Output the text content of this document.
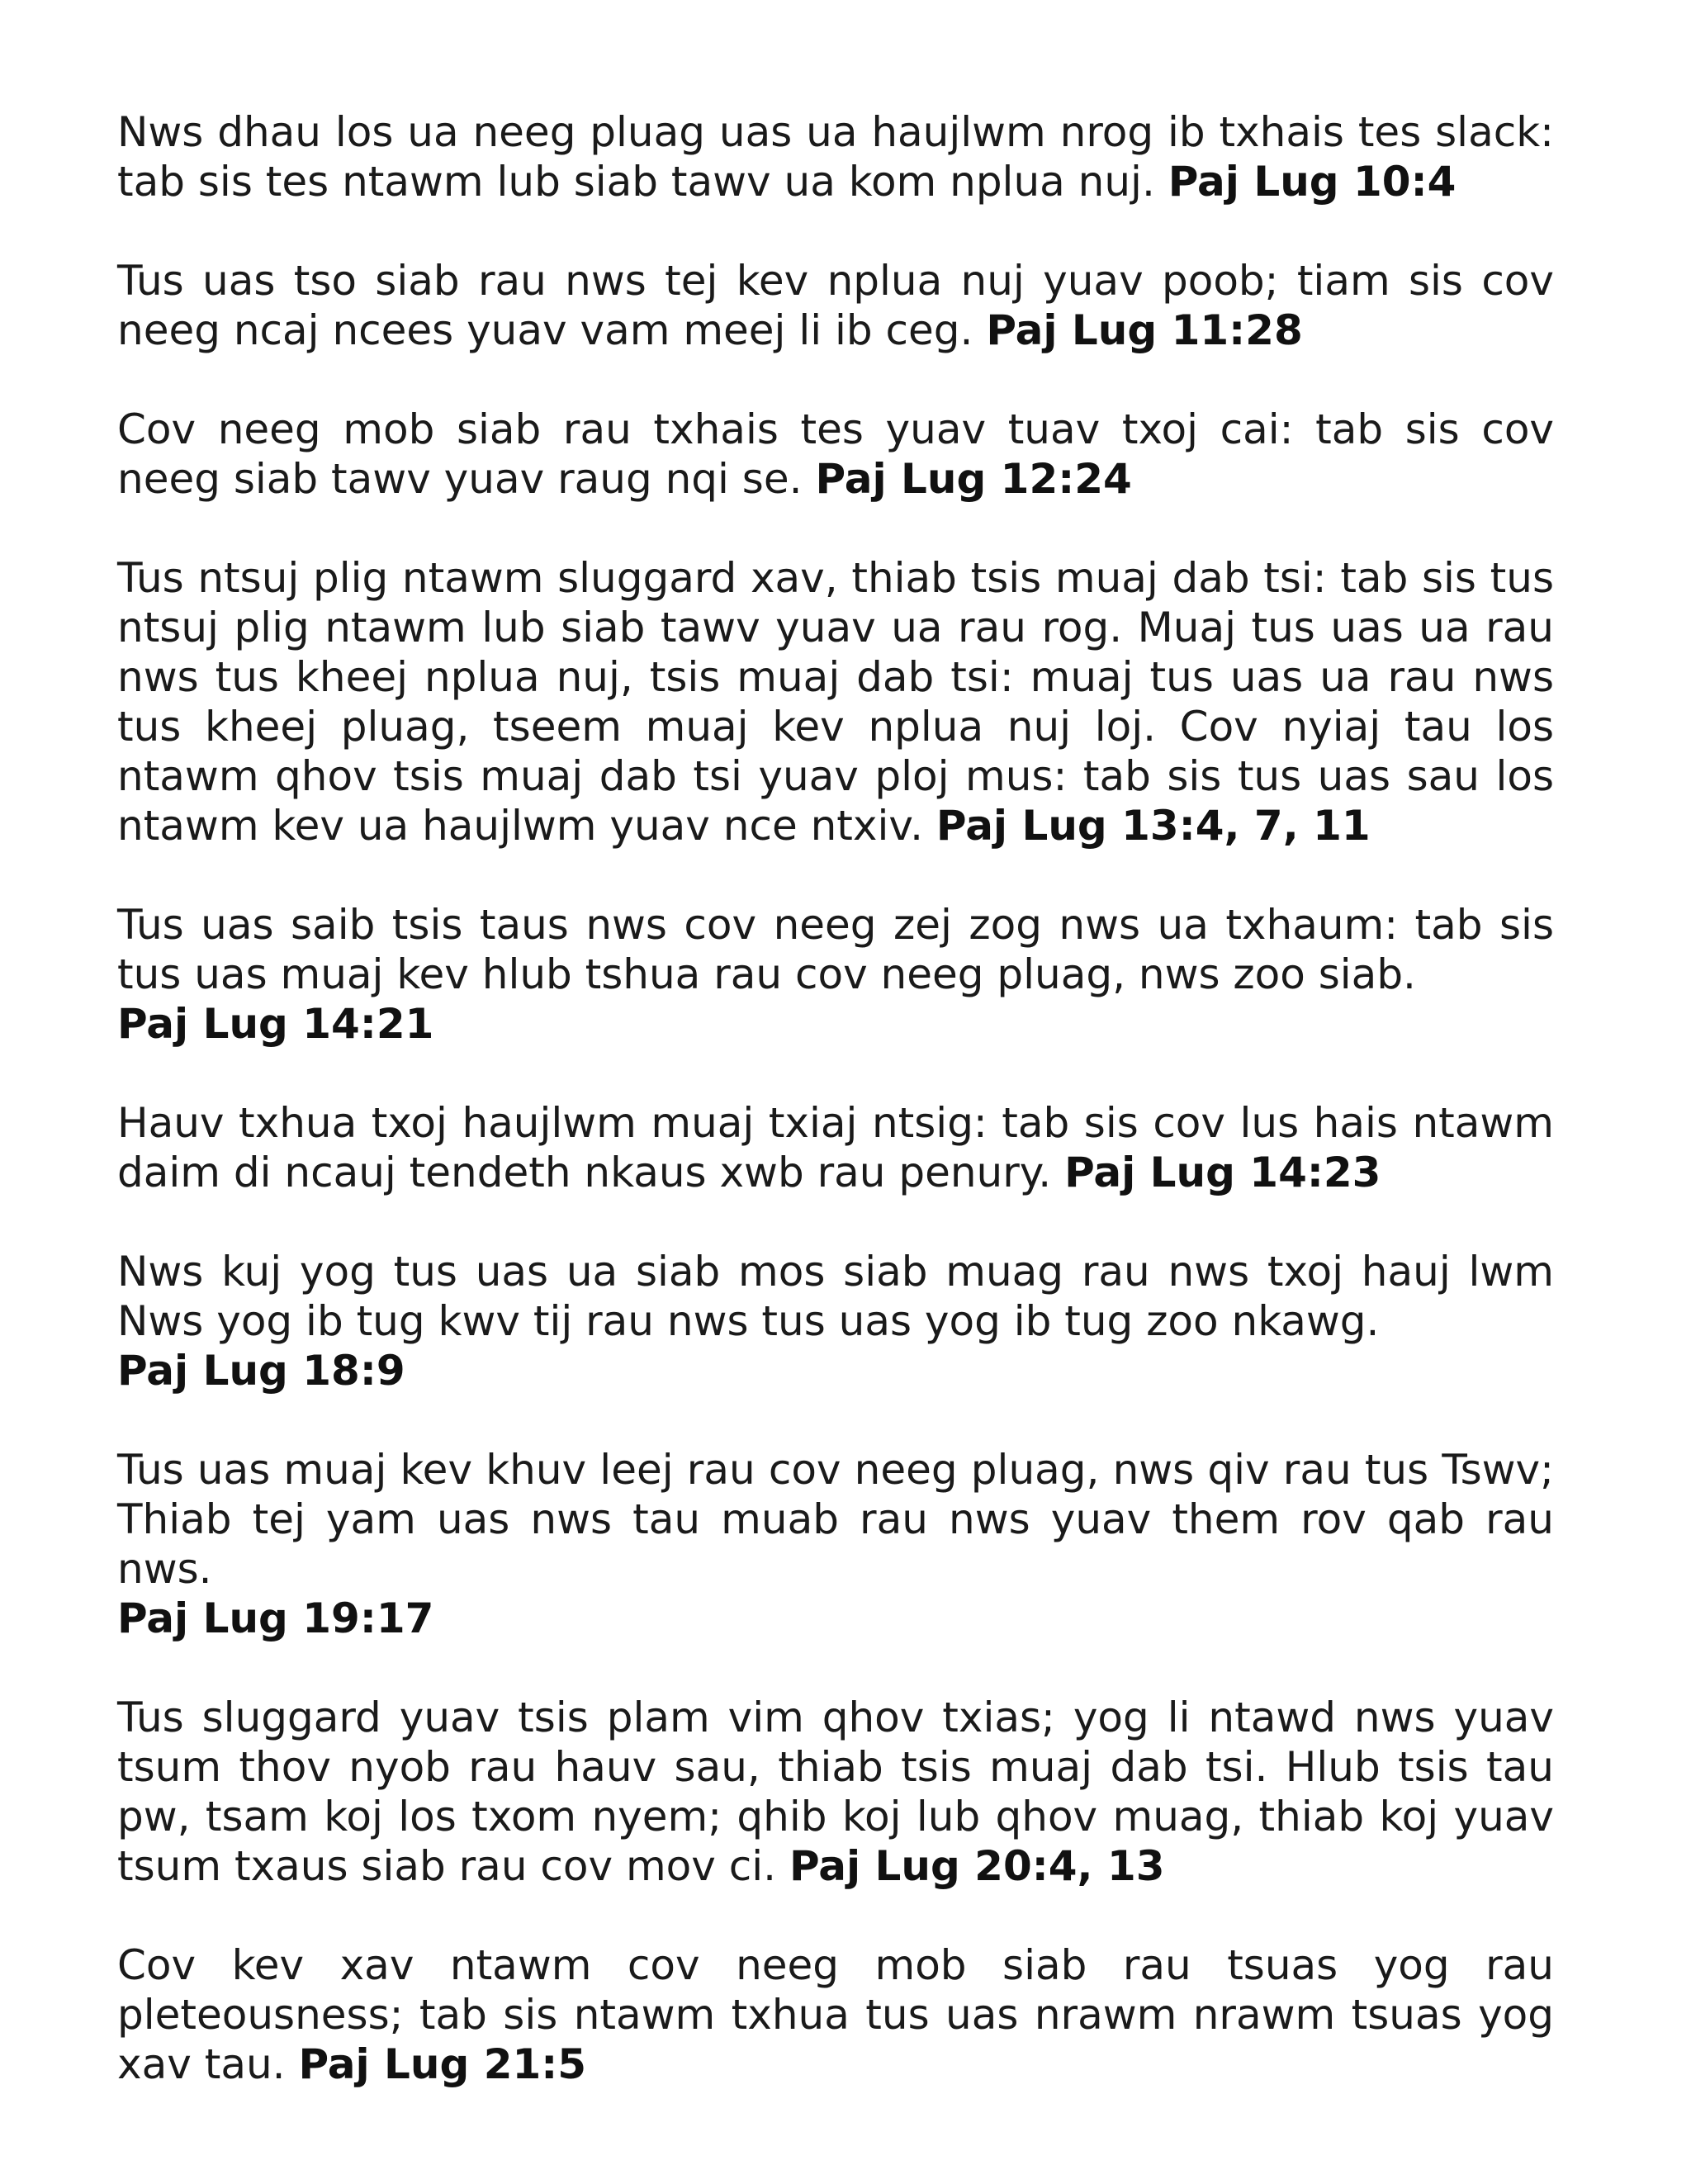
Nws dhau los ua neeg pluag uas ua haujlwm nrog ib txhais tes slack: tab sis tes ntawm lub siab tawv ua kom nplua nuj. Paj Lug 10:4

Tus uas tso siab rau nws tej kev nplua nuj yuav poob; tiam sis cov neeg ncaj ncees yuav vam meej li ib ceg. Paj Lug 11:28

Cov neeg mob siab rau txhais tes yuav tuav txoj cai: tab sis cov neeg siab tawv yuav raug nqi se. Paj Lug 12:24

Tus ntsuj plig ntawm sluggard xav, thiab tsis muaj dab tsi: tab sis tus ntsuj plig ntawm lub siab tawv yuav ua rau rog. Muaj tus uas ua rau nws tus kheej nplua nuj, tsis muaj dab tsi: muaj tus uas ua rau nws tus kheej pluag, tseem muaj kev nplua nuj loj. Cov nyiaj tau los ntawm qhov tsis muaj dab tsi yuav ploj mus: tab sis tus uas sau los ntawm kev ua haujlwm yuav nce ntxiv. Paj Lug 13:4, 7, 11

Tus uas saib tsis taus nws cov neeg zej zog nws ua txhaum: tab sis tus uas muaj kev hlub tshua rau cov neeg pluag, nws zoo siab.
Paj Lug 14:21

Hauv txhua txoj haujlwm muaj txiaj ntsig: tab sis cov lus hais ntawm daim di ncauj tendeth nkaus xwb rau penury. Paj Lug 14:23

Nws kuj yog tus uas ua siab mos siab muag rau nws txoj hauj lwm Nws yog ib tug kwv tij rau nws tus uas yog ib tug zoo nkawg.
Paj Lug 18:9

Tus uas muaj kev khuv leej rau cov neeg pluag, nws qiv rau tus Tswv; Thiab tej yam uas nws tau muab rau nws yuav them rov qab rau nws.
Paj Lug 19:17

Tus sluggard yuav tsis plam vim qhov txias; yog li ntawd nws yuav tsum thov nyob rau hauv sau, thiab tsis muaj dab tsi. Hlub tsis tau pw, tsam koj los txom nyem; qhib koj lub qhov muag, thiab koj yuav tsum txaus siab rau cov mov ci. Paj Lug 20:4, 13

Cov kev xav ntawm cov neeg mob siab rau tsuas yog rau pleteousness; tab sis ntawm txhua tus uas nrawm nrawm tsuas yog xav tau. Paj Lug 21:5
